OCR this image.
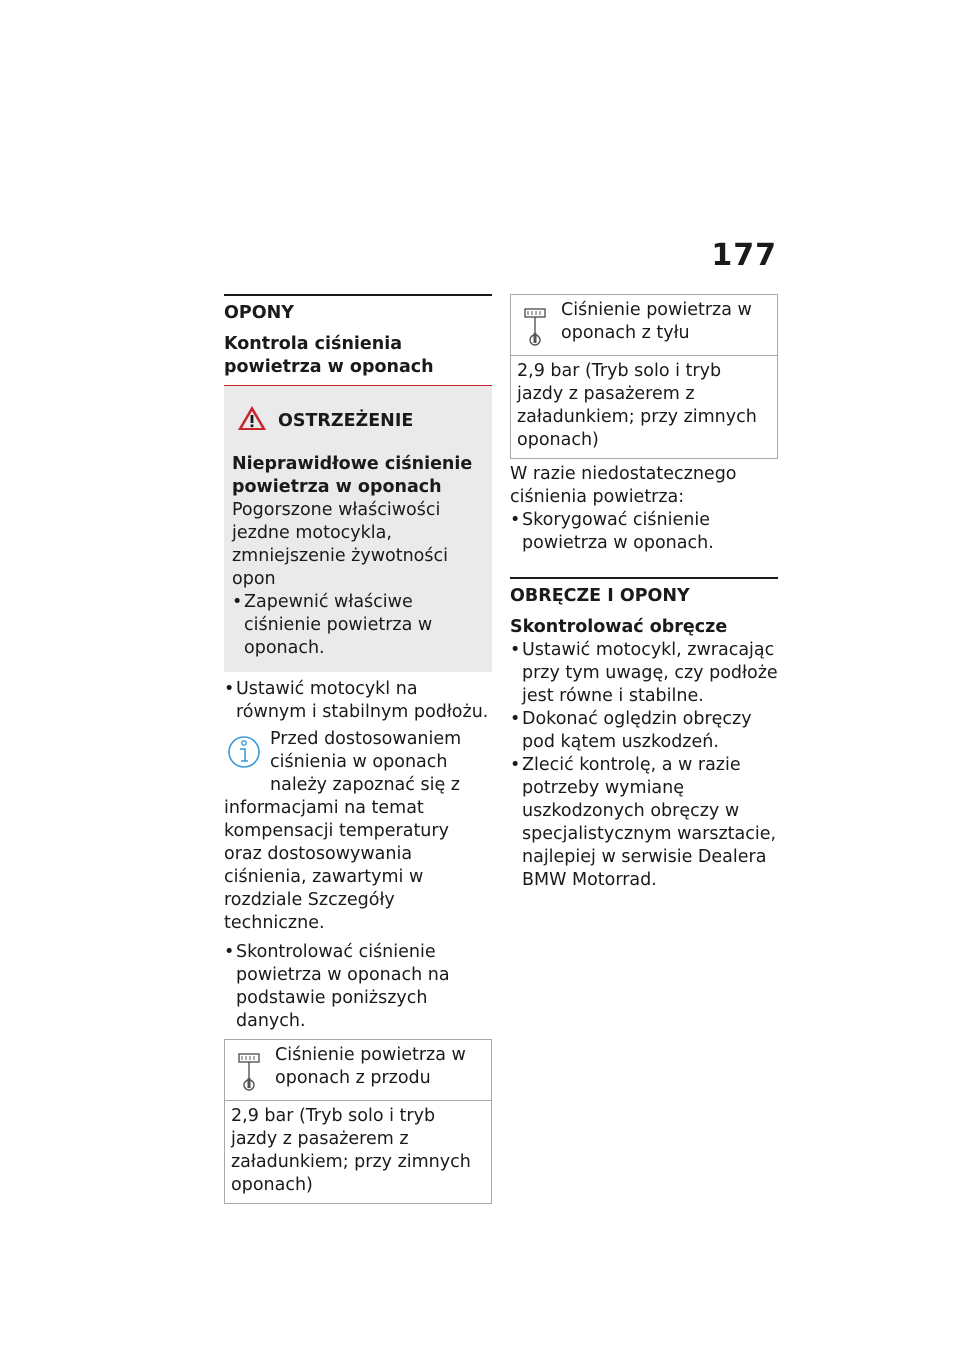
177
OPONY
Kontrola ciśnienia powietrza w oponach
OSTRZEŻENIE

Nieprawidłowe ciśnienie powietrza w oponach

Pogorszone właściwości jezdne motocykla, zmniejszenie żywotności opon

• Zapewnić właściwe ciśnienie powietrza w oponach.

• Ustawić motocykl na równym i stabilnym podłożu.

Przed dostosowaniem ciśnienia w oponach należy zapoznać się z informacjami na temat kompensacji temperatury oraz dostosowywania ciśnienia, zawartymi w rozdziale Szczegóły techniczne.

• Skontrolować ciśnienie powietrza w oponach na podstawie poniższych danych.

Ciśnienie powietrza w oponach z przodu

2,9 bar (Tryb solo i tryb jazdy z pasażerem z załadunkiem; przy zimnych oponach)

Ciśnienie powietrza w oponach z tyłu

2,9 bar (Tryb solo i tryb jazdy z pasażerem z załadunkiem; przy zimnych oponach)

W razie niedostatecznego ciśnienia powietrza:

• Skorygować ciśnienie powietrza w oponach.

OBRĘCZE I OPONY
Skontrolować obręcze

• Ustawić motocykl, zwracając przy tym uwagę, czy podłoże jest równe i stabilne.

• Dokonać oględzin obręczy pod kątem uszkodzeń.

• Zlecić kontrolę, a w razie potrzeby wymianę uszkodzonych obręczy w specjalistycznym warsztacie, najlepiej w serwisie Dealera BMW Motorrad.
